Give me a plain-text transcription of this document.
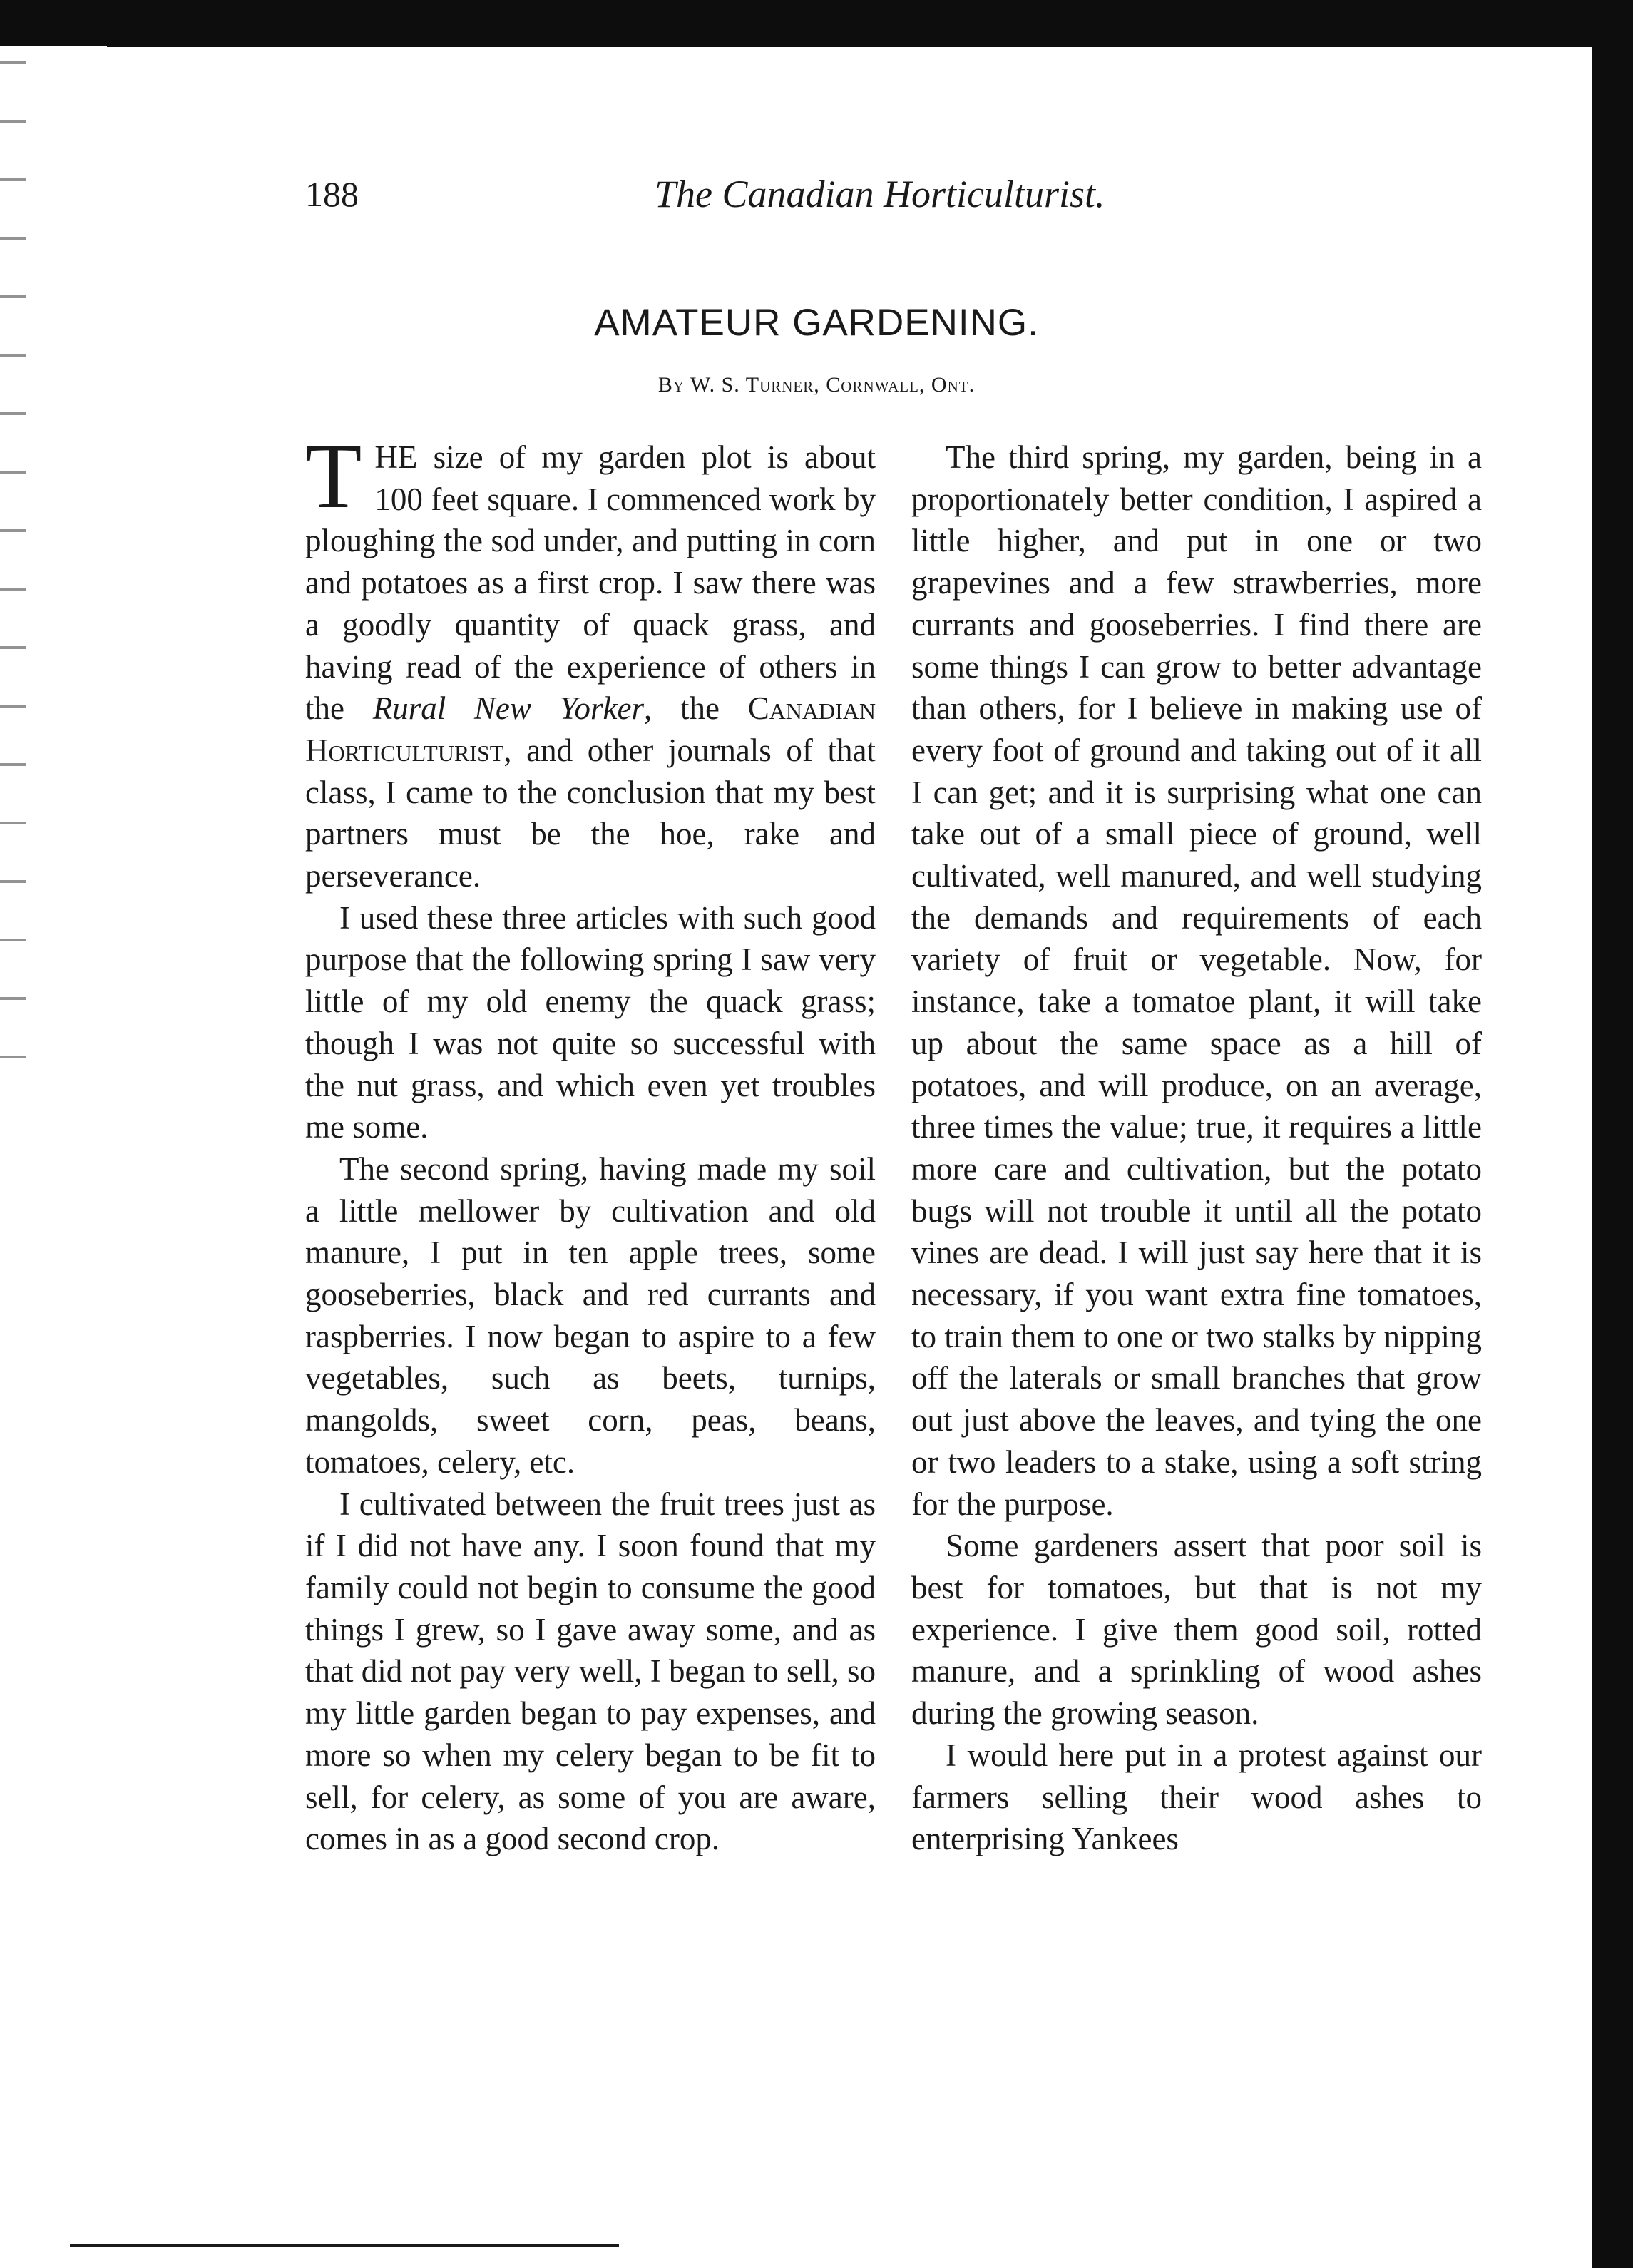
188	The Canadian Horticulturist.
AMATEUR GARDENING.
By W. S. Turner, Cornwall, Ont.

THE size of my garden plot is about 100 feet square. I commenced work by ploughing the sod under, and putting in corn and potatoes as a first crop. I saw there was a goodly quantity of quack grass, and having read of the experience of others in the Rural New Yorker, the Canadian Horticulturist, and other journals of that class, I came to the conclusion that my best partners must be the hoe, rake and perseverance.

I used these three articles with such good purpose that the following spring I saw very little of my old enemy the quack grass; though I was not quite so successful with the nut grass, and which even yet troubles me some.

The second spring, having made my soil a little mellower by cultivation and old manure, I put in ten apple trees, some gooseberries, black and red currants and raspberries. I now began to aspire to a few vegetables, such as beets, turnips, mangolds, sweet corn, peas, beans, tomatoes, celery, etc.

I cultivated between the fruit trees just as if I did not have any. I soon found that my family could not begin to consume the good things I grew, so I gave away some, and as that did not pay very well, I began to sell, so my little garden began to pay expenses, and more so when my celery began to be fit to sell, for celery, as some of you are aware, comes in as a good second crop.

The third spring, my garden, being in a proportionately better condition, I aspired a little higher, and put in one or two grapevines and a few strawberries, more currants and gooseberries. I find there are some things I can grow to better advantage than others, for I believe in making use of every foot of ground and taking out of it all I can get; and it is surprising what one can take out of a small piece of ground, well cultivated, well manured, and well studying the demands and requirements of each variety of fruit or vegetable. Now, for instance, take a tomatoe plant, it will take up about the same space as a hill of potatoes, and will produce, on an average, three times the value; true, it requires a little more care and cultivation, but the potato bugs will not trouble it until all the potato vines are dead. I will just say here that it is necessary, if you want extra fine tomatoes, to train them to one or two stalks by nipping off the laterals or small branches that grow out just above the leaves, and tying the one or two leaders to a stake, using a soft string for the purpose.

Some gardeners assert that poor soil is best for tomatoes, but that is not my experience. I give them good soil, rotted manure, and a sprinkling of wood ashes during the growing season.

I would here put in a protest against our farmers selling their wood ashes to enterprising Yankees
